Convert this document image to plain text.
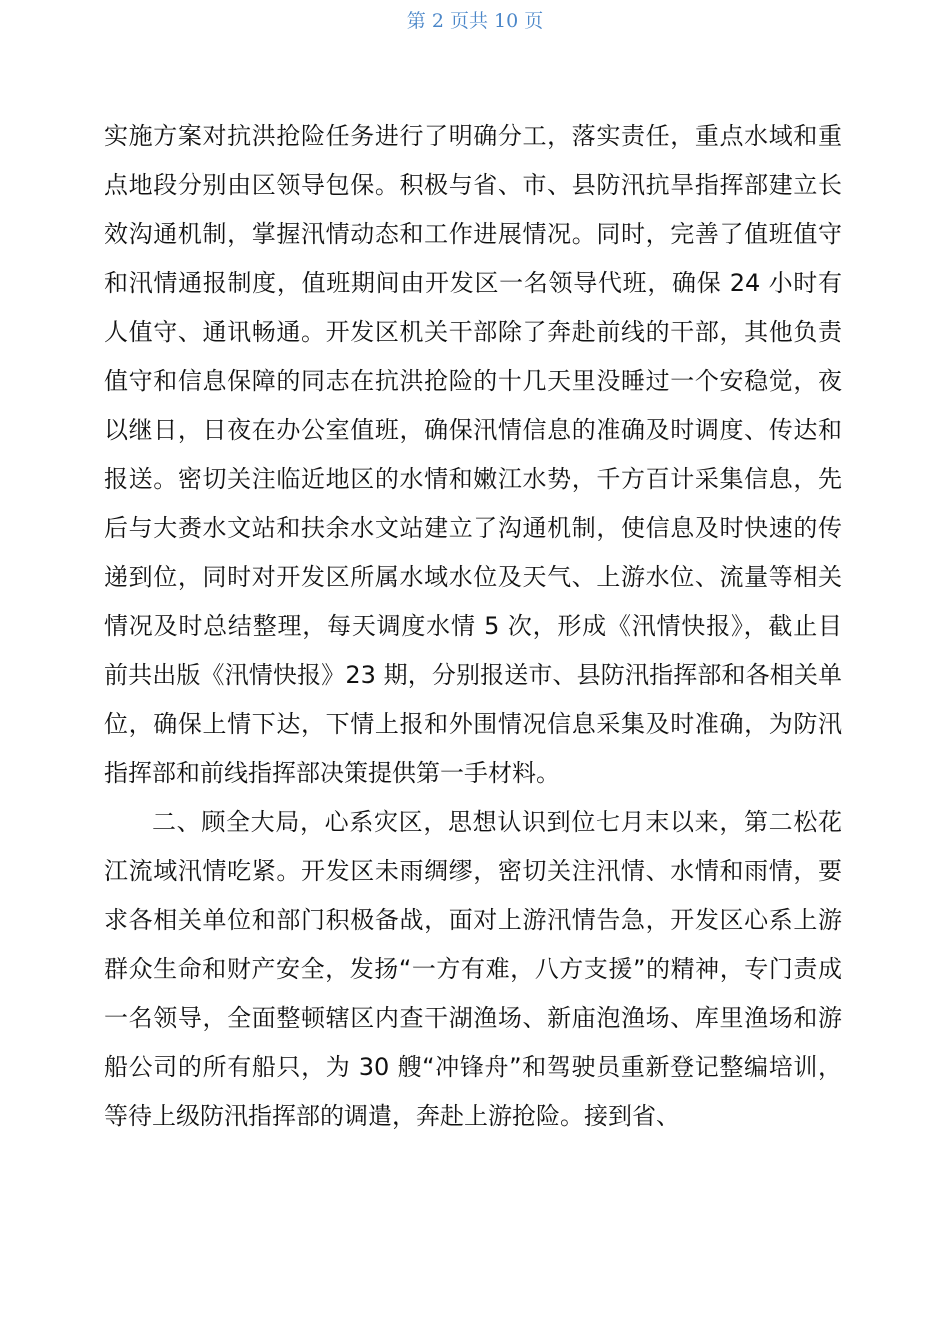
第 2 页共 10 页

实施方案对抗洪抢险任务进行了明确分工，落实责任，重点水域和重点地段分别由区领导包保。积极与省、市、县防汛抗旱指挥部建立长效沟通机制，掌握汛情动态和工作进展情况。同时，完善了值班值守和汛情通报制度，值班期间由开发区一名领导代班，确保 24 小时有人值守、通讯畅通。开发区机关干部除了奔赴前线的干部，其他负责值守和信息保障的同志在抗洪抢险的十几天里没睡过一个安稳觉，夜以继日，日夜在办公室值班，确保汛情信息的准确及时调度、传达和报送。密切关注临近地区的水情和嫩江水势，千方百计采集信息，先后与大赉水文站和扶余水文站建立了沟通机制，使信息及时快速的传递到位，同时对开发区所属水域水位及天气、上游水位、流量等相关情况及时总结整理，每天调度水情 5 次，形成《汛情快报》，截止目前共出版《汛情快报》23 期，分别报送市、县防汛指挥部和各相关单位，确保上情下达，下情上报和外围情况信息采集及时准确，为防汛指挥部和前线指挥部决策提供第一手材料。

二、顾全大局，心系灾区，思想认识到位七月末以来，第二松花江流域汛情吃紧。开发区未雨绸缪，密切关注汛情、水情和雨情，要求各相关单位和部门积极备战，面对上游汛情告急，开发区心系上游群众生命和财产安全，发扬“一方有难，八方支援”的精神，专门责成一名领导，全面整顿辖区内查干湖渔场、新庙泡渔场、库里渔场和游船公司的所有船只，为 30 艘“冲锋舟”和驾驶员重新登记整编培训，等待上级防汛指挥部的调遣，奔赴上游抢险。接到省、
